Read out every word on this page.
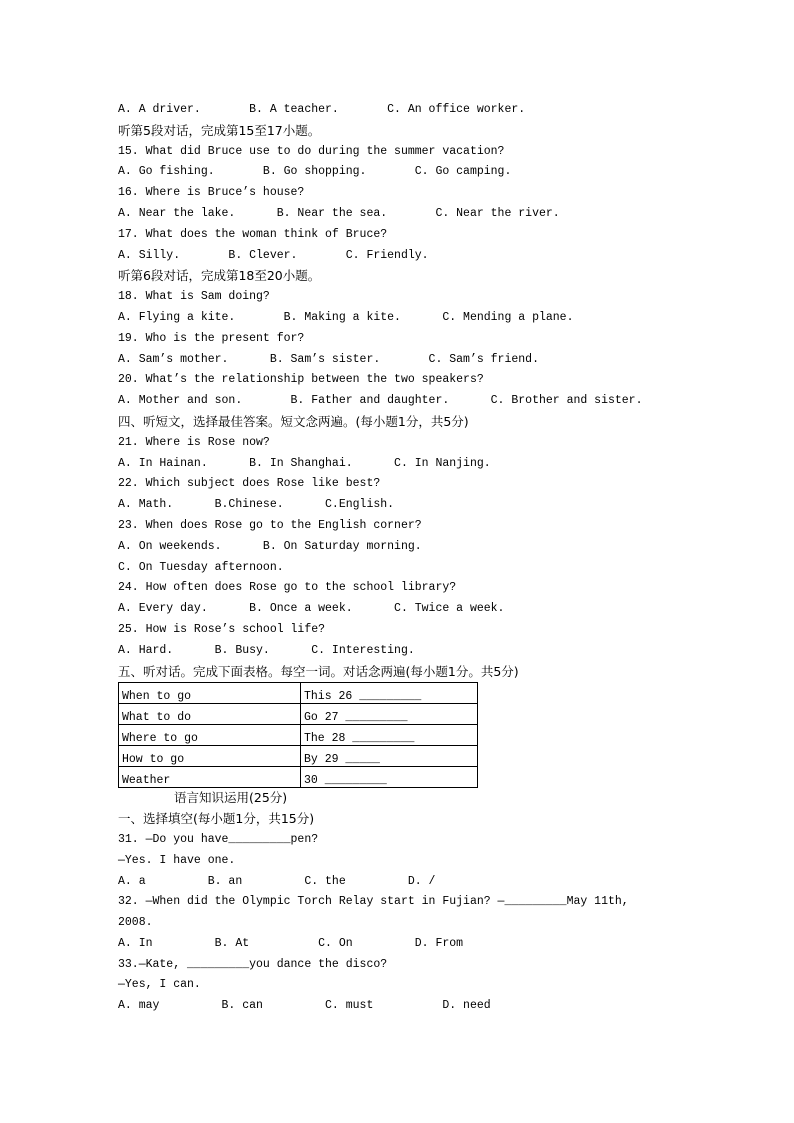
A. A driver.       B. A teacher.       C. An office worker.
听第5段对话，完成第15至17小题。
15. What did Bruce use to do during the summer vacation?
A. Go fishing.       B. Go shopping.       C. Go camping.
16. Where is Bruce’s house?
A. Near the lake.      B. Near the sea.       C. Near the river.
17. What does the woman think of Bruce?
A. Silly.       B. Clever.       C. Friendly.
听第6段对话，完成第18至20小题。
18. What is Sam doing?
A. Flying a kite.       B. Making a kite.      C. Mending a plane.
19. Who is the present for?
A. Sam’s mother.      B. Sam’s sister.       C. Sam’s friend.
20. What’s the relationship between the two speakers?
A. Mother and son.       B. Father and daughter.      C. Brother and sister.
四、听短文，选择最佳答案。短文念两遍。(每小题1分，共5分)
21. Where is Rose now?
A. In Hainan.      B. In Shanghai.      C. In Nanjing.
22. Which subject does Rose like best?
A. Math.      B.Chinese.      C.English.
23. When does Rose go to the English corner?
A. On weekends.      B. On Saturday morning.
C. On Tuesday afternoon.
24. How often does Rose go to the school library?
A. Every day.      B. Once a week.      C. Twice a week.
25. How is Rose’s school life?
A. Hard.      B. Busy.      C. Interesting.
五、听对话。完成下面表格。每空一词。对话念两遍(每小题1分。共5分)
When to go	This 26 _________
What to do	Go 27 _________
Where to go	The 28 _________
How to go	By 29 _____
Weather	30 _________
语言知识运用(25分)
一、选择填空(每小题1分，共15分)
31. —Do you have_________pen?
—Yes. I have one.
A. a         B. an         C. the         D. /
32. —When did the Olympic Torch Relay start in Fujian? —_________May 11th,
2008.
A. In         B. At          C. On         D. From
33.—Kate, _________you dance the disco?
—Yes, I can.
A. may         B. can         C. must          D. need
